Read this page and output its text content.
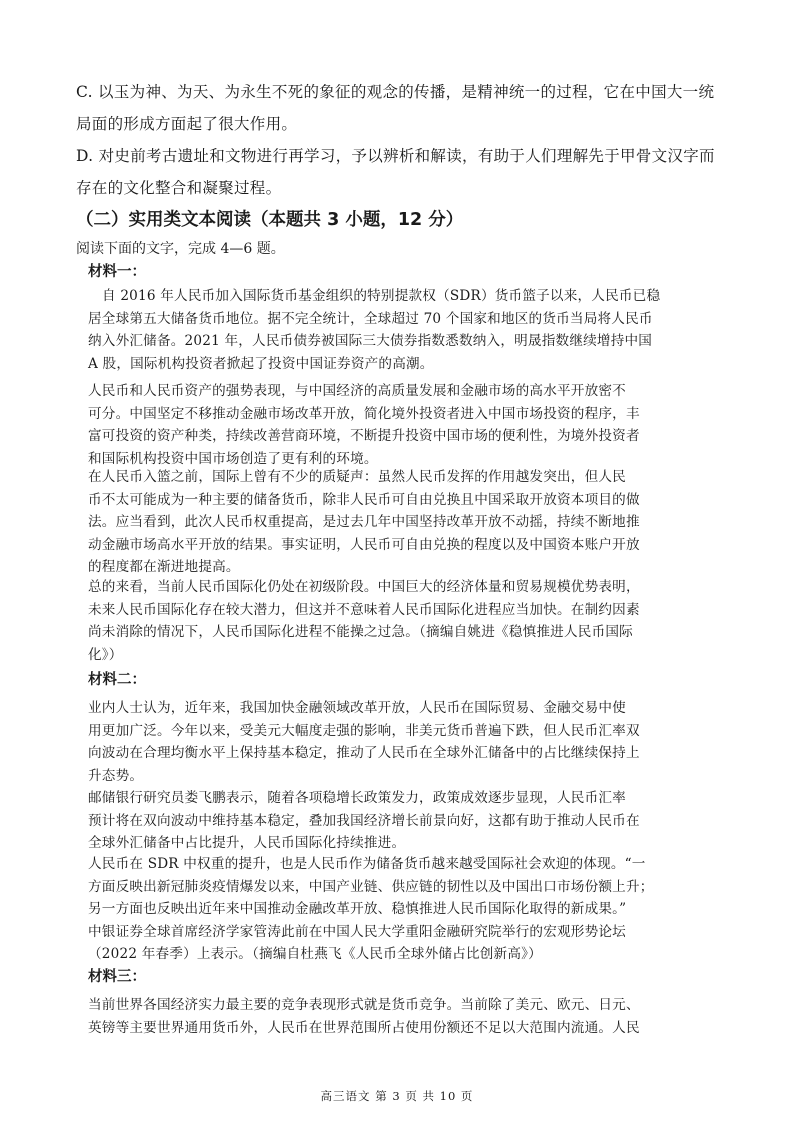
C. 以玉为神、为天、为永生不死的象征的观念的传播，是精神统一的过程，它在中国大一统
局面的形成方面起了很大作用。
D. 对史前考古遗址和文物进行再学习，予以辨析和解读，有助于人们理解先于甲骨文汉字而
存在的文化整合和凝聚过程。
（二）实用类文本阅读（本题共 3 小题，12 分）
阅读下面的文字，完成 4—6 题。
材料一：
自 2016 年人民币加入国际货币基金组织的特别提款权（SDR）货币篮子以来，人民币已稳
居全球第五大储备货币地位。据不完全统计，全球超过 70 个国家和地区的货币当局将人民币
纳入外汇储备。2021 年，人民币债券被国际三大债券指数悉数纳入，明晟指数继续增持中国
A 股，国际机构投资者掀起了投资中国证券资产的高潮。
人民币和人民币资产的强势表现，与中国经济的高质量发展和金融市场的高水平开放密不
可分。中国坚定不移推动金融市场改革开放，简化境外投资者进入中国市场投资的程序，丰
富可投资的资产种类，持续改善营商环境，不断提升投资中国市场的便利性，为境外投资者
和国际机构投资中国市场创造了更有利的环境。
在人民币入篮之前，国际上曾有不少的质疑声：虽然人民币发挥的作用越发突出，但人民
币不太可能成为一种主要的储备货币，除非人民币可自由兑换且中国采取开放资本项目的做
法。应当看到，此次人民币权重提高，是过去几年中国坚持改革开放不动摇，持续不断地推
动金融市场高水平开放的结果。事实证明，人民币可自由兑换的程度以及中国资本账户开放
的程度都在渐进地提高。
总的来看，当前人民币国际化仍处在初级阶段。中国巨大的经济体量和贸易规模优势表明，
未来人民币国际化存在较大潜力，但这并不意味着人民币国际化进程应当加快。在制约因素
尚未消除的情况下，人民币国际化进程不能操之过急。（摘编自姚进《稳慎推进人民币国际
化》）
材料二：
业内人士认为，近年来，我国加快金融领域改革开放，人民币在国际贸易、金融交易中使
用更加广泛。今年以来，受美元大幅度走强的影响，非美元货币普遍下跌，但人民币汇率双
向波动在合理均衡水平上保持基本稳定，推动了人民币在全球外汇储备中的占比继续保持上
升态势。
邮储银行研究员娄飞鹏表示，随着各项稳增长政策发力，政策成效逐步显现，人民币汇率
预计将在双向波动中维持基本稳定，叠加我国经济增长前景向好，这都有助于推动人民币在
全球外汇储备中占比提升，人民币国际化持续推进。
人民币在 SDR 中权重的提升，也是人民币作为储备货币越来越受国际社会欢迎的体现。“一
方面反映出新冠肺炎疫情爆发以来，中国产业链、供应链的韧性以及中国出口市场份额上升；
另一方面也反映出近年来中国推动金融改革开放、稳慎推进人民币国际化取得的新成果。”
中银证券全球首席经济学家管涛此前在中国人民大学重阳金融研究院举行的宏观形势论坛
（2022 年春季）上表示。（摘编自杜燕飞《人民币全球外储占比创新高》）
材料三：
当前世界各国经济实力最主要的竞争表现形式就是货币竞争。当前除了美元、欧元、日元、
英镑等主要世界通用货币外，人民币在世界范围所占使用份额还不足以大范围内流通。人民
高三语文 第 3 页 共 10 页
